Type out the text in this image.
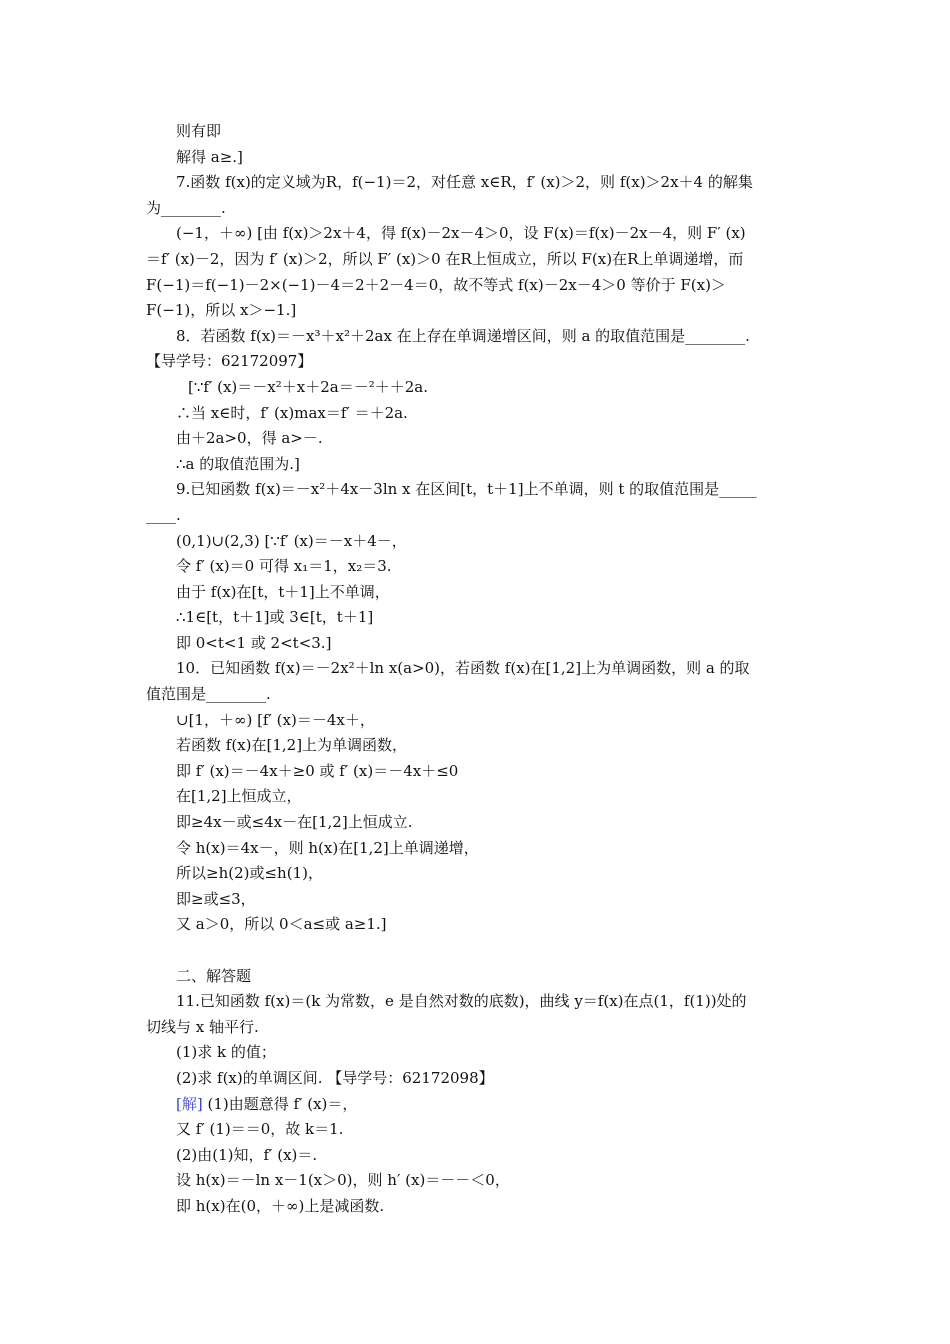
则有即
解得 a≥.]
7.函数 f(x)的定义域为R，f(−1)＝2，对任意 x∈R，f′ (x)＞2，则 f(x)＞2x＋4 的解集
为________.
(−1，＋∞) [由 f(x)＞2x＋4，得 f(x)－2x－4＞0，设 F(x)＝f(x)－2x－4，则 F′ (x)
＝f′ (x)－2，因为 f′ (x)＞2，所以 F′ (x)＞0 在R上恒成立，所以 F(x)在R上单调递增，而
F(−1)＝f(−1)－2×(−1)－4＝2＋2－4＝0，故不等式 f(x)－2x－4＞0 等价于 F(x)＞
F(−1)，所以 x＞−1.]
8．若函数 f(x)＝－x³＋x²＋2ax 在上存在单调递增区间，则 a 的取值范围是________.
【导学号：62172097】
[∵f′ (x)＝－x²＋x＋2a＝－²＋＋2a.
∴当 x∈时，f′ (x)max＝f′ ＝＋2a.
由＋2a>0，得 a>－.
∴a 的取值范围为.]
9.已知函数 f(x)＝－x²＋4x－3ln x 在区间[t，t＋1]上不单调，则 t 的取值范围是_____
____.
(0,1)∪(2,3) [∵f′ (x)＝－x＋4－，
令 f′ (x)＝0 可得 x₁＝1，x₂＝3.
由于 f(x)在[t，t＋1]上不单调，
∴1∈[t，t＋1]或 3∈[t，t＋1]
即 0<t<1 或 2<t<3.]
10．已知函数 f(x)＝－2x²＋ln x(a>0)，若函数 f(x)在[1,2]上为单调函数，则 a 的取
值范围是________.
∪[1，＋∞) [f′ (x)＝－4x＋，
若函数 f(x)在[1,2]上为单调函数，
即 f′ (x)＝－4x＋≥0 或 f′ (x)＝－4x＋≤0
在[1,2]上恒成立，
即≥4x－或≤4x－在[1,2]上恒成立.
令 h(x)＝4x－，则 h(x)在[1,2]上单调递增，
所以≥h(2)或≤h(1)，
即≥或≤3，
又 a＞0，所以 0＜a≤或 a≥1.]
二、解答题
11.已知函数 f(x)＝(k 为常数，e 是自然对数的底数)，曲线 y＝f(x)在点(1，f(1))处的
切线与 x 轴平行.
(1)求 k 的值；
(2)求 f(x)的单调区间. 【导学号：62172098】
[解] (1)由题意得 f′ (x)＝，
又 f′ (1)＝＝0，故 k＝1.
(2)由(1)知，f′ (x)＝.
设 h(x)＝－ln x－1(x＞0)，则 h′ (x)＝－－＜0，
即 h(x)在(0，＋∞)上是减函数.
